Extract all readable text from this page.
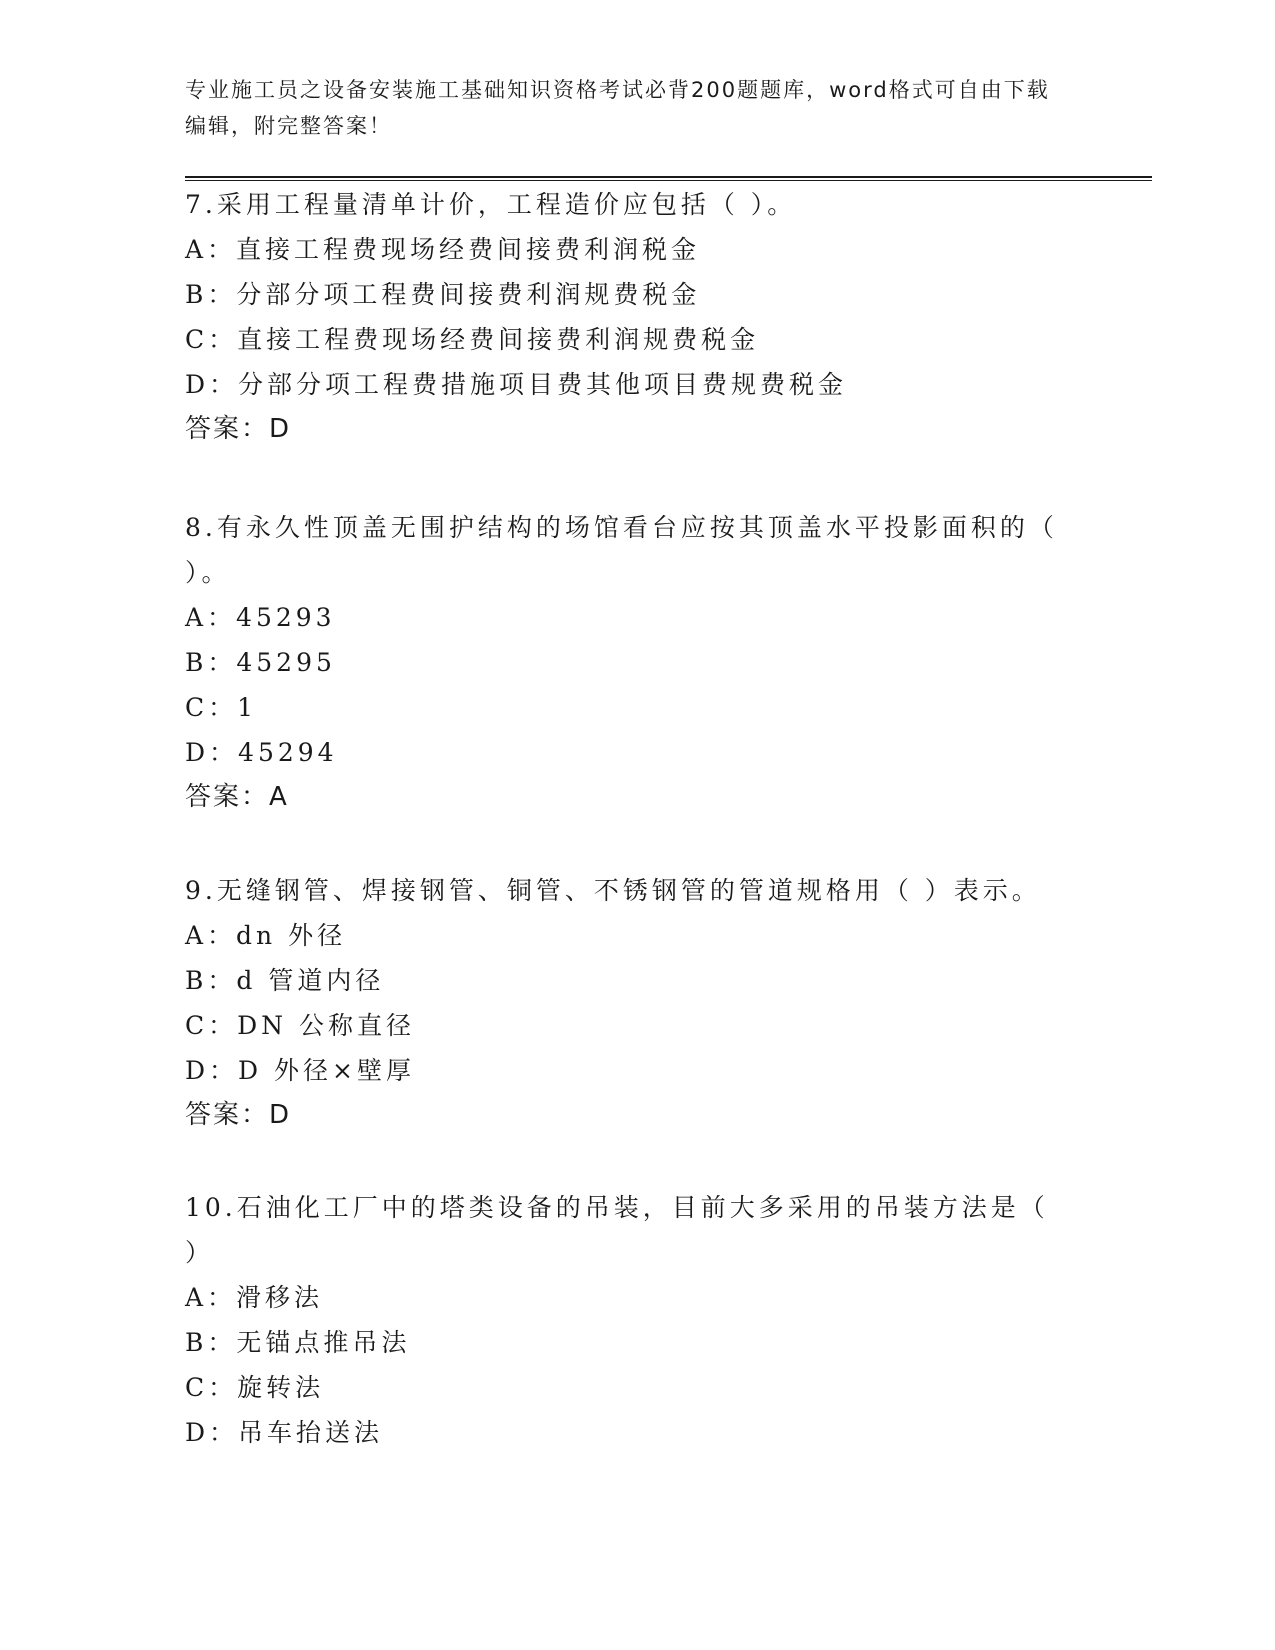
专业施工员之设备安装施工基础知识资格考试必背200题题库，word格式可自由下载编辑，附完整答案！

7.采用工程量清单计价，工程造价应包括（ ）。

A：直接工程费现场经费间接费利润税金

B：分部分项工程费间接费利润规费税金

C：直接工程费现场经费间接费利润规费税金

D：分部分项工程费措施项目费其他项目费规费税金

答案：D

8.有永久性顶盖无围护结构的场馆看台应按其顶盖水平投影面积的（ ）。

A：45293

B：45295

C：1

D：45294

答案：A

9.无缝钢管、焊接钢管、铜管、不锈钢管的管道规格用（ ）表示。

A：dn 外径

B：d 管道内径

C：DN 公称直径

D：D 外径×壁厚

答案：D

10.石油化工厂中的塔类设备的吊装，目前大多采用的吊装方法是（ ）

A：滑移法

B：无锚点推吊法

C：旋转法

D：吊车抬送法
